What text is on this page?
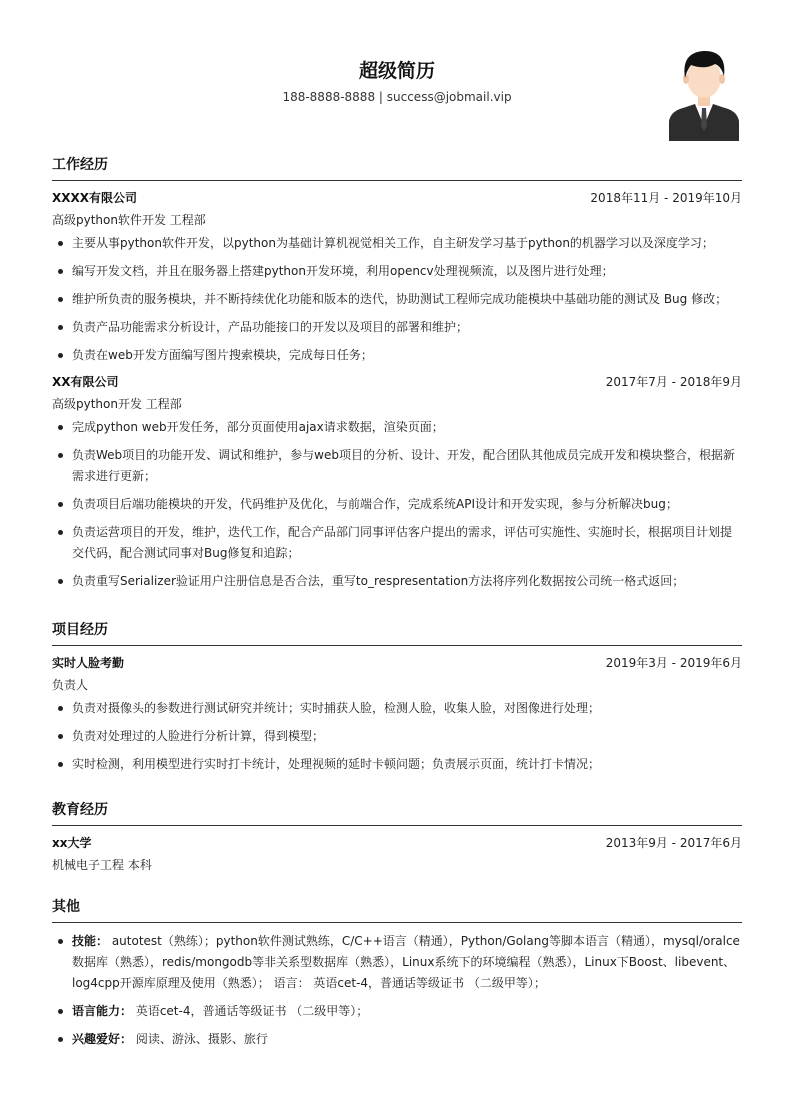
超级简历
188-8888-8888 | success@jobmail.vip
工作经历
XXXX有限公司	2018年11月 - 2019年10月
高级python软件开发 工程部
主要从事python软件开发，以python为基础计算机视觉相关工作，自主研发学习基于python的机器学习以及深度学习；
编写开发文档，并且在服务器上搭建python开发环境，利用opencv处理视频流，以及图片进行处理；
维护所负责的服务模块，并不断持续优化功能和版本的迭代，协助测试工程师完成功能模块中基础功能的测试及 Bug 修改；
负责产品功能需求分析设计，产品功能接口的开发以及项目的部署和维护；
负责在web开发方面编写图片搜索模块，完成每日任务；
XX有限公司	2017年7月 - 2018年9月
高级python开发 工程部
完成python web开发任务，部分页面使用ajax请求数据，渲染页面；
负责Web项目的功能开发、调试和维护，参与web项目的分析、设计、开发，配合团队其他成员完成开发和模块整合，根据新需求进行更新；
负责项目后端功能模块的开发，代码维护及优化，与前端合作，完成系统API设计和开发实现，参与分析解决bug；
负责运营项目的开发，维护，迭代工作，配合产品部门同事评估客户提出的需求，评估可实施性、实施时长，根据项目计划提交代码，配合测试同事对Bug修复和追踪；
负责重写Serializer验证用户注册信息是否合法，重写to_respresentation方法将序列化数据按公司统一格式返回；
项目经历
实时人脸考勤	2019年3月 - 2019年6月
负责人
负责对摄像头的参数进行测试研究并统计；实时捕获人脸，检测人脸，收集人脸，对图像进行处理；
负责对处理过的人脸进行分析计算，得到模型；
实时检测，利用模型进行实时打卡统计，处理视频的延时卡顿问题；负责展示页面，统计打卡情况；
教育经历
xx大学	2013年9月 - 2017年6月
机械电子工程 本科
其他
技能： autotest（熟练）；python软件测试熟练，C/C++语言（精通），Python/Golang等脚本语言（精通），mysql/oralce数据库（熟悉），redis/mongodb等非关系型数据库（熟悉），Linux系统下的环境编程（熟悉），Linux下Boost、libevent、log4cpp开源库原理及使用（熟悉）； 语言： 英语cet-4，普通话等级证书 （二级甲等）；
语言能力： 英语cet-4，普通话等级证书 （二级甲等）；
兴趣爱好： 阅读、游泳、摄影、旅行
